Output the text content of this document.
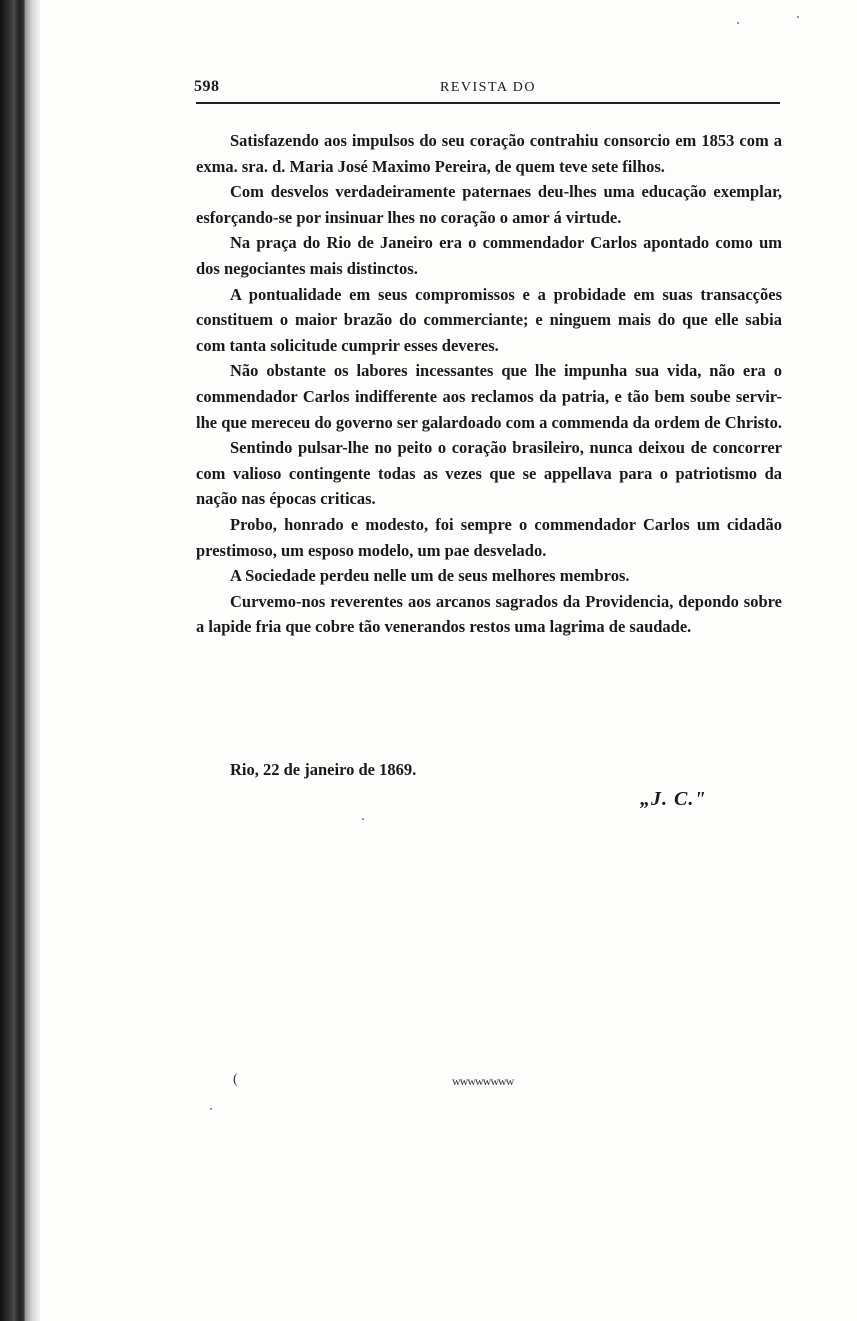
598	REVISTA DO

Satisfazendo aos impulsos do seu coração contrahiu consorcio em 1853 com a exma. sra. d. Maria José Maximo Pereira, de quem teve sete filhos.

Com desvelos verdadeiramente paternaes deu-lhes uma educação exemplar, esforçando-se por insinuar lhes no coração o amor á virtude.

Na praça do Rio de Janeiro era o commendador Carlos apontado como um dos negociantes mais distinctos.

A pontualidade em seus compromissos e a probidade em suas transacções constituem o maior brazão do commerciante; e ninguem mais do que elle sabia com tanta solicitude cumprir esses deveres.

Não obstante os labores incessantes que lhe impunha sua vida, não era o commendador Carlos indifferente aos reclamos da patria, e tão bem soube servir-lhe que mereceu do governo ser galardoado com a commenda da ordem de Christo.

Sentindo pulsar-lhe no peito o coração brasileiro, nunca deixou de concorrer com valioso contingente todas as vezes que se appellava para o patriotismo da nação nas épocas criticas.

Probo, honrado e modesto, foi sempre o commendador Carlos um cidadão prestimoso, um esposo modelo, um pae desvelado.

A Sociedade perdeu nelle um de seus melhores membros.

Curvemo-nos reverentes aos arcanos sagrados da Providencia, depondo sobre a lapide fria que cobre tão venerandos restos uma lagrima de saudade.

Rio, 22 de janeiro de 1869.
„J. C."
(	wwwwwwww
